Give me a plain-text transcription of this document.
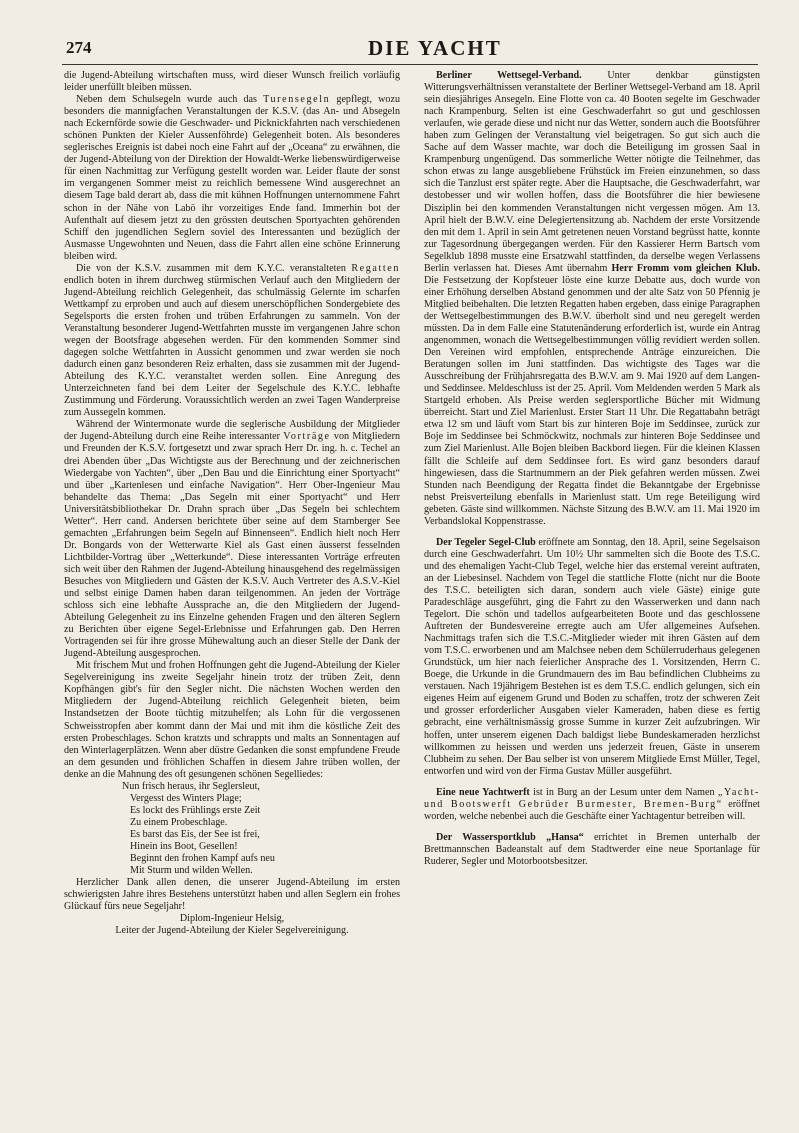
274	DIE YACHT

die Jugend-Abteilung wirtschaften muss, wird dieser Wunsch freilich vorläufig leider unerfüllt bleiben müssen.

Neben dem Schulsegeln wurde auch das Turensegeln gepflegt, wozu besonders die mannigfachen Veranstaltungen der K.S.V. (das An- und Absegeln nach Eckernförde sowie die Geschwader- und Picknickfahrten nach verschiedenen schönen Punkten der Kieler Aussenföhrde) Gelegenheit boten. Als besonderes seglerisches Ereignis ist dabei noch eine Fahrt auf der „Oceana“ zu erwähnen, die der Jugend-Abteilung von der Direktion der Howaldt-Werke liebenswürdigerweise für einen Nachmittag zur Verfügung gestellt worden war. Leider flaute der sonst im vergangenen Sommer meist zu reichlich bemessene Wind ausgerechnet an diesem Tage bald derart ab, dass die mit kühnen Hoffnungen unternommene Fahrt schon in der Nähe von Labö ihr vorzeitiges Ende fand. Immerhin bot der Aufenthalt auf diesem jetzt zu den grössten deutschen Sportyachten gehörenden Schiff den jugendlichen Seglern soviel des Interessanten und bezüglich der Ausmasse Ungewohnten und Neuen, dass die Fahrt allen eine schöne Erinnerung bleiben wird.

Die von der K.S.V. zusammen mit dem K.Y.C. veranstalteten Regatten endlich boten in ihrem durchweg stürmischen Verlauf auch den Mitgliedern der Jugend-Abteilung reichlich Gelegenheit, das schulmässig Gelernte im scharfen Wettkampf zu erproben und auch auf diesem unerschöpflichen Sondergebiete des Segelsports die ersten frohen und trüben Erfahrungen zu sammeln. Von der Veranstaltung besonderer Jugend-Wettfahrten musste im vergangenen Jahre schon wegen der Bootsfrage abgesehen werden. Für den kommenden Sommer sind dagegen solche Wettfahrten in Aussicht genommen und zwar werden sie noch dadurch einen ganz besonderen Reiz erhalten, dass sie zusammen mit der Jugend-Abteilung des K.Y.C. veranstaltet werden sollen. Eine Anregung des Unterzeichneten fand bei dem Leiter der Segelschule des K.Y.C. lebhafte Zustimmung und Förderung. Voraussichtlich werden an zwei Tagen Wanderpreise zum Aussegeln kommen.

Während der Wintermonate wurde die seglerische Ausbildung der Mitglieder der Jugend-Abteilung durch eine Reihe interessanter Vorträge von Mitgliedern und Freunden der K.S.V. fortgesetzt und zwar sprach Herr Dr. ing. h. c. Techel an drei Abenden über „Das Wichtigste aus der Berechnung und der zeichnerischen Wiedergabe von Yachten“, über „Den Bau und die Einrichtung einer Sportyacht“ und über „Kartenlesen und einfache Navigation“. Herr Ober-Ingenieur Mau behandelte das Thema: „Das Segeln mit einer Sportyacht“ und Herr Universitätsbibliothekar Dr. Drahn sprach über „Das Segeln bei schlechtem Wetter“. Herr cand. Andersen berichtete über seine auf dem Starnberger See gemachten „Erfahrungen beim Segeln auf Binnenseen“. Endlich hielt noch Herr Dr. Bongards von der Wetterwarte Kiel als Gast einen äusserst fesselnden Lichtbilder-Vortrag über „Wetterkunde“. Diese interessanten Vorträge erfreuten sich weit über den Rahmen der Jugend-Abteilung hinausgehend des regelmässigen Besuches von Mitgliedern und Gästen der K.S.V. Auch Vertreter des A.S.V.-Kiel und selbst einige Damen haben daran teilgenommen. An jeden der Vorträge schloss sich eine lebhafte Aussprache an, die den Mitgliedern der Jugend-Abteilung Gelegenheit zu ins Einzelne gehenden Fragen und den älteren Seglern zu Berichten über eigene Segel-Erlebnisse und Erfahrungen gab. Den Herren Vortragenden sei für ihre grosse Mühewaltung auch an dieser Stelle der Dank der Jugend-Abteilung ausgesprochen.

Mit frischem Mut und frohen Hoffnungen geht die Jugend-Abteilung der Kieler Segelvereinigung ins zweite Segeljahr hinein trotz der trüben Zeit, denn Kopfhängen gibt's für den Segler nicht. Die nächsten Wochen werden den Mitgliedern der Jugend-Abteilung reichlich Gelegenheit bieten, beim Instandsetzen der Boote tüchtig mitzuhelfen; als Lohn für die vergossenen Schweisstropfen aber kommt dann der Mai und mit ihm die köstliche Zeit des ersten Probeschlages. Schon kratzts und schrappts und malts an Sonnentagen auf den Winterlagerplätzen. Wenn aber düstre Gedanken die sonst empfundene Freude an dem gesunden und fröhlichen Schaffen in diesem Jahre trüben wollen, der denke an die Mahnung des oft gesungenen schönen Segelliedes:

Nun frisch heraus, ihr Seglersleut,
Vergesst des Winters Plage;
Es lockt des Frühlings erste Zeit
Zu einem Probeschlage.
Es barst das Eis, der See ist frei,
Hinein ins Boot, Gesellen!
Beginnt den frohen Kampf aufs neu
Mit Sturm und wilden Wellen.

Herzlicher Dank allen denen, die unserer Jugend-Abteilung im ersten schwierigsten Jahre ihres Bestehens unterstützt haben und allen Seglern ein frohes Glückauf fürs neue Segeljahr!

Diplom-Ingenieur Helsig,

Leiter der Jugend-Abteilung der Kieler Segelvereinigung.

Berliner Wettsegel-Verband. Unter denkbar günstigsten Witterungsverhältnissen veranstaltete der Berliner Wettsegel-Verband am 18. April sein diesjähriges Ansegeln. Eine Flotte von ca. 40 Booten segelte im Geschwader nach Krampenburg. Selten ist eine Geschwaderfahrt so gut und geschlossen verlaufen, wie gerade diese und nicht nur das Wetter, sondern auch die Bootsführer haben zum Gelingen der Veranstaltung viel beigetragen. So gut sich auch die Sache auf dem Wasser machte, war doch die Beteiligung im grossen Saal in Krampenburg ungenügend. Das sommerliche Wetter nötigte die Teilnehmer, das schon etwas zu lange ausgebliebene Frühstück im Freien einzunehmen, so dass sich die Tanzlust erst später regte. Aber die Hauptsache, die Geschwaderfahrt, war destobesser und wir wollen hoffen, dass die Bootsführer die hier bewiesene Disziplin bei den kommenden Veranstaltungen nicht vergessen mögen. Am 13. April hielt der B.W.V. eine Delegiertensitzung ab. Nachdem der erste Vorsitzende den mit dem 1. April in sein Amt getretenen neuen Vorstand begrüsst hatte, konnte zur Tagesordnung übergegangen werden. Für den Kassierer Herrn Bartsch vom Segelklub 1898 musste eine Ersatzwahl stattfinden, da derselbe wegen Verlassens Berlin verlassen hat. Dieses Amt übernahm Herr Fromm vom gleichen Klub. Die Festsetzung der Kopfsteuer löste eine kurze Debatte aus, doch wurde von einer Erhöhung derselben Abstand genommen und der alte Satz von 50 Pfennig je Mitglied beibehalten. Die letzten Regatten haben ergeben, dass einige Paragraphen der Wettsegelbestimmungen des B.W.V. überholt sind und neu geregelt werden müssten. Da in dem Falle eine Statutenänderung erforderlich ist, wurde ein Antrag angenommen, wonach die Wettsegelbestimmungen völlig revidiert werden sollen. Den Vereinen wird empfohlen, entsprechende Anträge einzureichen. Die Beratungen sollen im Juni stattfinden. Das wichtigste des Tages war die Ausschreibung der Frühjahrsregatta des B.W.V. am 9. Mai 1920 auf dem Langen- und Seddinsee. Meldeschluss ist der 25. April. Vom Meldenden werden 5 Mark als Startgeld erhoben. Als Preise werden seglersportliche Bücher mit Widmung überreicht. Start und Ziel Marienlust. Erster Start 11 Uhr. Die Regattabahn beträgt etwa 12 sm und läuft vom Start bis zur hinteren Boje im Seddinsee, zurück zur Boje im Seddinsee bei Schmöckwitz, nochmals zur hinteren Boje Seddinsee und zum Ziel Marienlust. Alle Bojen bleiben Backbord liegen. Für die kleinen Klassen fällt die Schleife auf dem Seddinsee fort. Es wird ganz besonders darauf hingewiesen, dass die Startnummern an der Piek gefahren werden müssen. Zwei Stunden nach Beendigung der Regatta findet die Bekanntgabe der Ergebnisse nebst Preisverteilung ebenfalls in Marienlust statt. Um rege Beteiligung wird gebeten. Gäste sind willkommen. Nächste Sitzung des B.W.V. am 11. Mai 1920 im Verbandslokal Koppenstrasse.

Der Tegeler Segel-Club eröffnete am Sonntag, den 18. April, seine Segelsaison durch eine Geschwaderfahrt. Um 10½ Uhr sammelten sich die Boote des T.S.C. und des ehemaligen Yacht-Club Tegel, welche hier das erstemal vereint auftraten, an der Liebesinsel. Nachdem von Tegel die stattliche Flotte (nicht nur die Boote des T.S.C. beteiligten sich daran, sondern auch viele Gäste) einige gute Paradeschläge ausgeführt, ging die Fahrt zu den Wasserwerken und dann nach Tegelort. Die schön und tadellos aufgearbeiteten Boote und das geschlossene Auftreten der Bundesvereine erregte auch am Ufer allgemeines Aufsehen. Nachmittags trafen sich die T.S.C.-Mitglieder wieder mit ihren Gästen auf dem vom T.S.C. erworbenen und am Malchsee neben dem Schülerruderhaus gelegenen Grundstück, um hier nach feierlicher Ansprache des 1. Vorsitzenden, Herrn C. Boege, die Urkunde in die Grundmauern des im Bau befindlichen Clubheims zu verstauen. Nach 19jährigem Bestehen ist es dem T.S.C. endlich gelungen, sich ein eigenes Heim auf eigenem Grund und Boden zu schaffen, trotz der schweren Zeit und grosser erforderlicher Ausgaben vieler Kameraden, haben diese es fertig gebracht, eine verhältnismässig grosse Summe in kurzer Zeit aufzubringen. Wir hoffen, unter unserem eigenen Dach baldigst liebe Bundeskameraden herzlichst willkommen zu heissen und werden uns jederzeit freuen, Gäste in unserem Clubheim zu sehen. Der Bau selber ist von unserem Mitgliede Ernst Müller, Tegel, entworfen und wird von der Firma Gustav Müller ausgeführt.

Eine neue Yachtwerft ist in Burg an der Lesum unter dem Namen „Yacht- und Bootswerft Gebrüder Burmester, Bremen-Burg“ eröffnet worden, welche nebenbei auch die Geschäfte einer Yachtagentur betreiben will.

Der Wassersportklub „Hansa“ errichtet in Bremen unterhalb der Brettmannschen Badeanstalt auf dem Stadtwerder eine neue Sportanlage für Ruderer, Segler und Motorbootsbesitzer.
